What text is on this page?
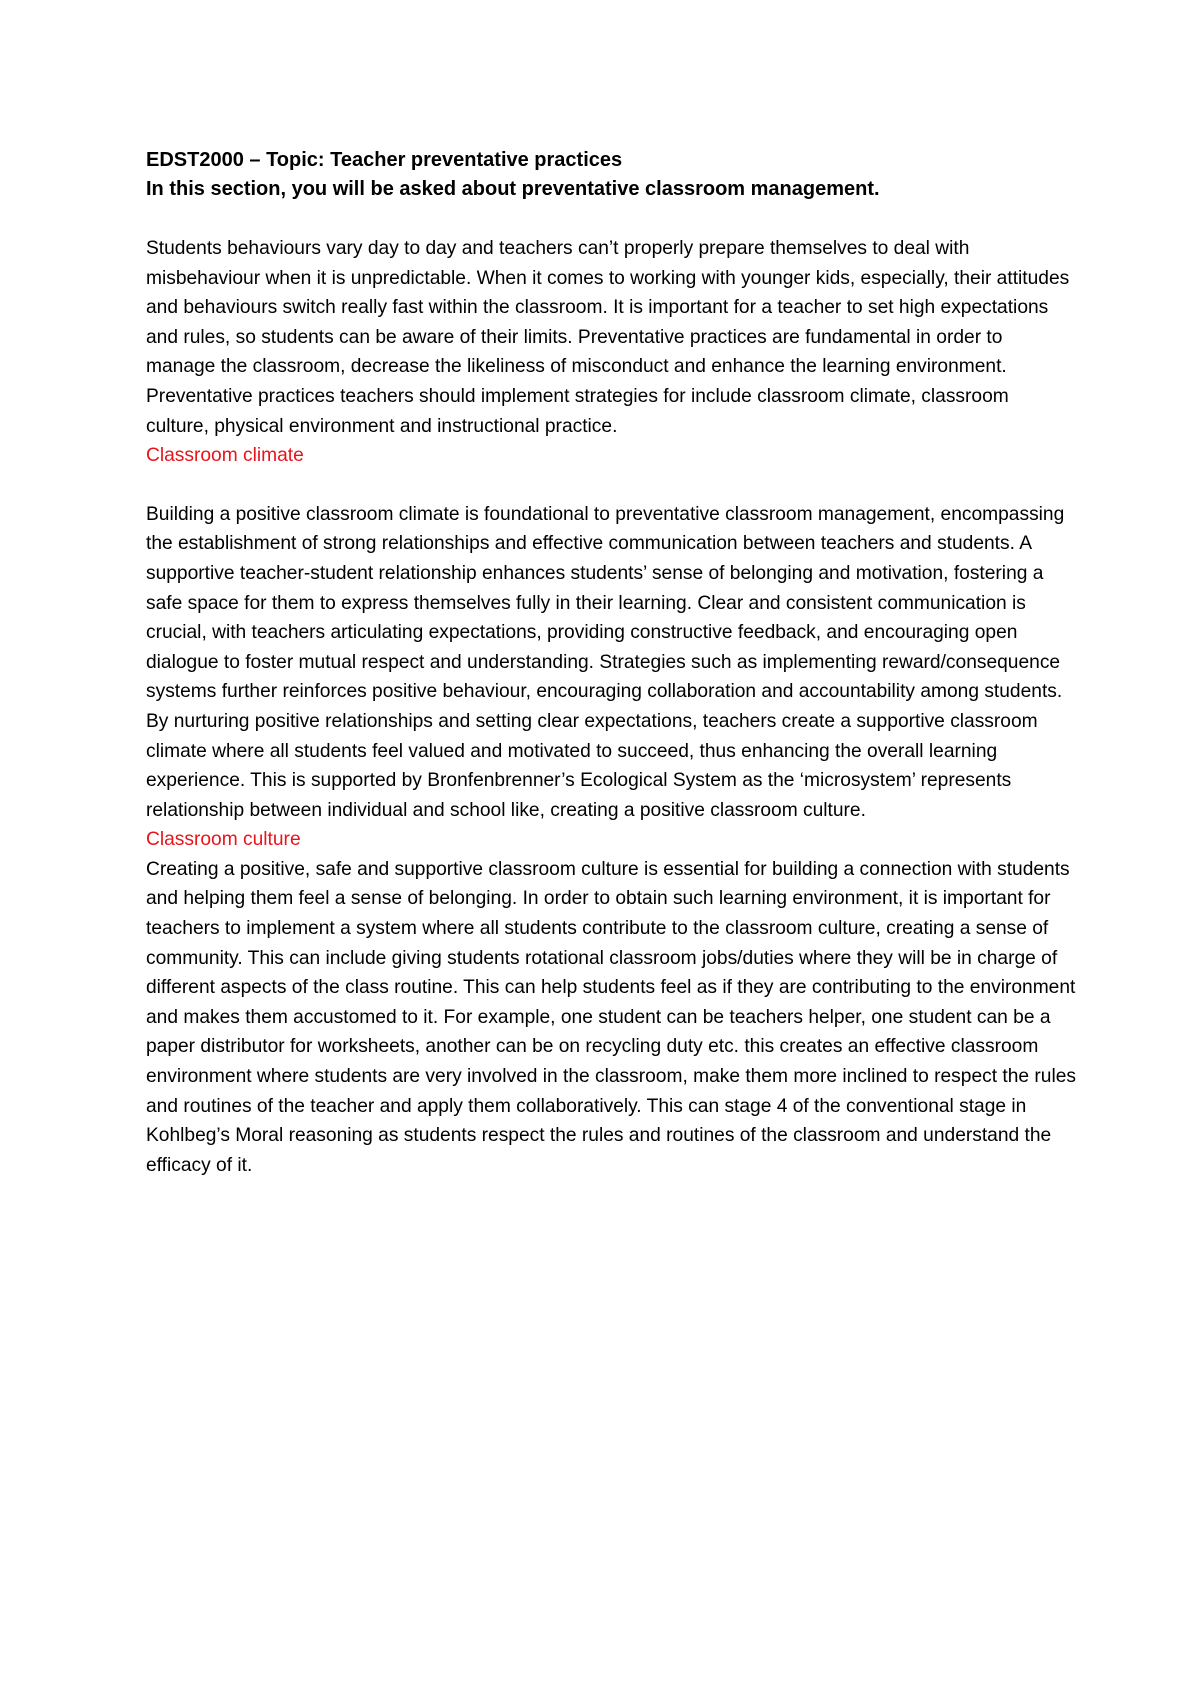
EDST2000 – Topic: Teacher preventative practices

In this section, you will be asked about preventative classroom management.

Students behaviours vary day to day and teachers can’t properly prepare themselves to deal with misbehaviour when it is unpredictable. When it comes to working with younger kids, especially, their attitudes and behaviours switch really fast within the classroom. It is important for a teacher to set high expectations and rules, so students can be aware of their limits. Preventative practices are fundamental in order to manage the classroom, decrease the likeliness of misconduct and enhance the learning environment. Preventative practices teachers should implement strategies for include classroom climate, classroom culture, physical environment and instructional practice.

Classroom climate

Building a positive classroom climate is foundational to preventative classroom management, encompassing the establishment of strong relationships and effective communication between teachers and students. A supportive teacher-student relationship enhances students’ sense of belonging and motivation, fostering a safe space for them to express themselves fully in their learning. Clear and consistent communication is crucial, with teachers articulating expectations, providing constructive feedback, and encouraging open dialogue to foster mutual respect and understanding. Strategies such as implementing reward/consequence systems further reinforces positive behaviour, encouraging collaboration and accountability among students. By nurturing positive relationships and setting clear expectations, teachers create a supportive classroom climate where all students feel valued and motivated to succeed, thus enhancing the overall learning experience. This is supported by Bronfenbrenner’s Ecological System as the ‘microsystem’ represents relationship between individual and school like, creating a positive classroom culture.

Classroom culture

Creating a positive, safe and supportive classroom culture is essential for building a connection with students and helping them feel a sense of belonging. In order to obtain such learning environment, it is important for teachers to implement a system where all students contribute to the classroom culture, creating a sense of community. This can include giving students rotational classroom jobs/duties where they will be in charge of different aspects of the class routine. This can help students feel as if they are contributing to the environment and makes them accustomed to it. For example, one student can be teachers helper, one student can be a paper distributor for worksheets, another can be on recycling duty etc. this creates an effective classroom environment where students are very involved in the classroom, make them more inclined to respect the rules and routines of the teacher and apply them collaboratively. This can stage 4 of the conventional stage in Kohlbeg’s Moral reasoning as students respect the rules and routines of the classroom and understand the efficacy of it.
